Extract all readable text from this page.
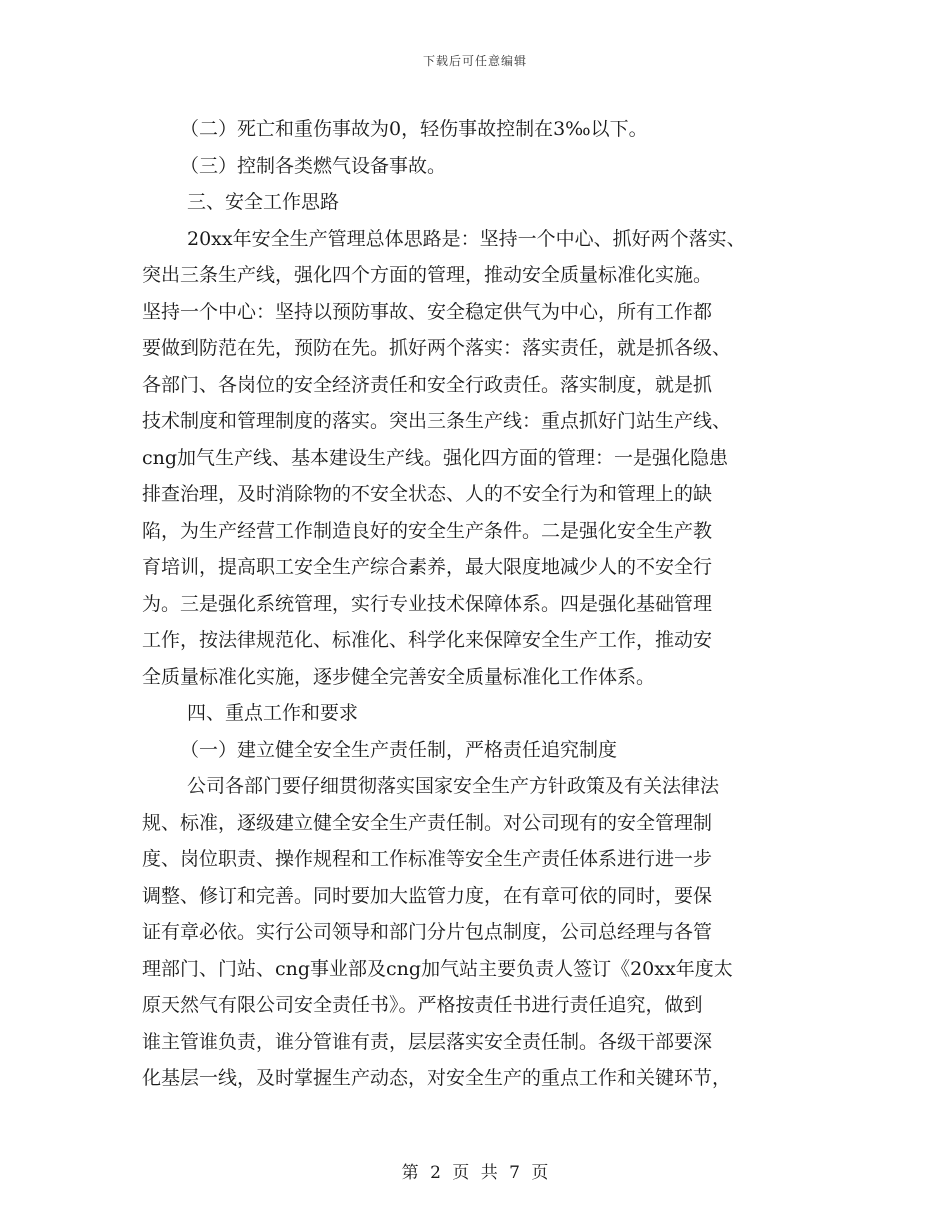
下载后可任意编辑
（二）死亡和重伤事故为0，轻伤事故控制在3‰以下。
（三）控制各类燃气设备事故。
三、安全工作思路
20xx年安全生产管理总体思路是：坚持一个中心、抓好两个落实、
突出三条生产线，强化四个方面的管理，推动安全质量标准化实施。
坚持一个中心：坚持以预防事故、安全稳定供气为中心，所有工作都
要做到防范在先，预防在先。抓好两个落实：落实责任，就是抓各级、
各部门、各岗位的安全经济责任和安全行政责任。落实制度，就是抓
技术制度和管理制度的落实。突出三条生产线：重点抓好门站生产线、
cng加气生产线、基本建设生产线。强化四方面的管理：一是强化隐患
排查治理，及时消除物的不安全状态、人的不安全行为和管理上的缺
陷，为生产经营工作制造良好的安全生产条件。二是强化安全生产教
育培训，提高职工安全生产综合素养，最大限度地减少人的不安全行
为。三是强化系统管理，实行专业技术保障体系。四是强化基础管理
工作，按法律规范化、标准化、科学化来保障安全生产工作，推动安
全质量标准化实施，逐步健全完善安全质量标准化工作体系。
四、重点工作和要求
（一）建立健全安全生产责任制，严格责任追究制度
公司各部门要仔细贯彻落实国家安全生产方针政策及有关法律法
规、标准，逐级建立健全安全生产责任制。对公司现有的安全管理制
度、岗位职责、操作规程和工作标准等安全生产责任体系进行进一步
调整、修订和完善。同时要加大监管力度，在有章可依的同时，要保
证有章必依。实行公司领导和部门分片包点制度，公司总经理与各管
理部门、门站、cng事业部及cng加气站主要负责人签订《20xx年度太
原天然气有限公司安全责任书》。严格按责任书进行责任追究，做到
谁主管谁负责，谁分管谁有责，层层落实安全责任制。各级干部要深
化基层一线，及时掌握生产动态，对安全生产的重点工作和关键环节，
第 2 页 共 7 页
